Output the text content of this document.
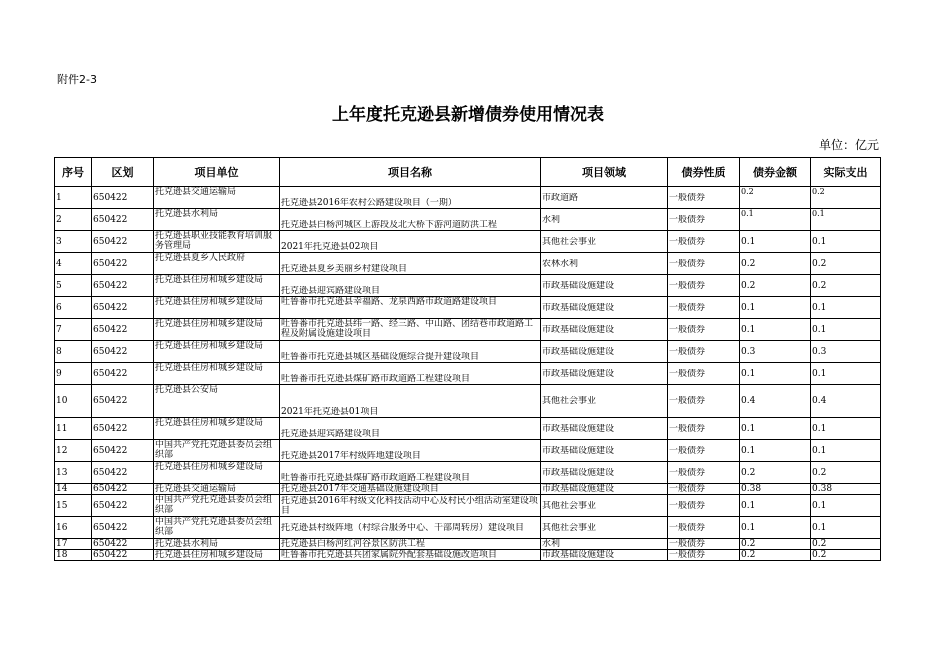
附件2-3
上年度托克逊县新增债券使用情况表
单位：亿元
序号	区划	项目单位	项目名称	项目领域	债券性质	债券金额	实际支出

1	650422	托克逊县交通运输局	托克逊县2016年农村公路建设项目（一期）	市政道路	一般债券	0.2	0.2

2	650422	托克逊县水利局	托克逊县白杨河城区上游段及北大桥下游河道防洪工程	水利	一般债券	0.1	0.1

3	650422	托克逊县职业技能教育培训服务管理局	2021年托克逊县02项目	其他社会事业	一般债券	0.1	0.1

4	650422	托克逊县夏乡人民政府	托克逊县夏乡美丽乡村建设项目	农林水利	一般债券	0.2	0.2

5	650422	托克逊县住房和城乡建设局	托克逊县迎宾路建设项目	市政基础设施建设	一般债券	0.2	0.2

6	650422	托克逊县住房和城乡建设局	吐鲁番市托克逊县幸福路、龙泉西路市政道路建设项目	市政基础设施建设	一般债券	0.1	0.1

7	650422	托克逊县住房和城乡建设局	吐鲁番市托克逊县纬一路、经三路、中山路、团结巷市政道路工程及附属设施建设项目	市政基础设施建设	一般债券	0.1	0.1

8	650422	托克逊县住房和城乡建设局	吐鲁番市托克逊县城区基础设施综合提升建设项目	市政基础设施建设	一般债券	0.3	0.3

9	650422	托克逊县住房和城乡建设局	吐鲁番市托克逊县煤矿路市政道路工程建设项目	市政基础设施建设	一般债券	0.1	0.1

10	650422	托克逊县公安局	2021年托克逊县01项目	其他社会事业	一般债券	0.4	0.4

11	650422	托克逊县住房和城乡建设局	托克逊县迎宾路建设项目	市政基础设施建设	一般债券	0.1	0.1

12	650422	中国共产党托克逊县委员会组织部	托克逊县2017年村级阵地建设项目	市政基础设施建设	一般债券	0.1	0.1

13	650422	托克逊县住房和城乡建设局	吐鲁番市托克逊县煤矿路市政道路工程建设项目	市政基础设施建设	一般债券	0.2	0.2

14	650422	托克逊县交通运输局	托克逊县2017年交通基础设施建设项目	市政基础设施建设	一般债券	0.38	0.38

15	650422	中国共产党托克逊县委员会组织部	托克逊县2016年村级文化科技活动中心及村民小组活动室建设项目	其他社会事业	一般债券	0.1	0.1

16	650422	中国共产党托克逊县委员会组织部	托克逊县村级阵地（村综合服务中心、干部周转房）建设项目	其他社会事业	一般债券	0.1	0.1

17	650422	托克逊县水利局	托克逊县白杨河红河谷景区防洪工程	水利	一般债券	0.2	0.2

18	650422	托克逊县住房和城乡建设局	吐鲁番市托克逊县兵团家属院外配套基础设施改造项目	市政基础设施建设	一般债券	0.2	0.2
